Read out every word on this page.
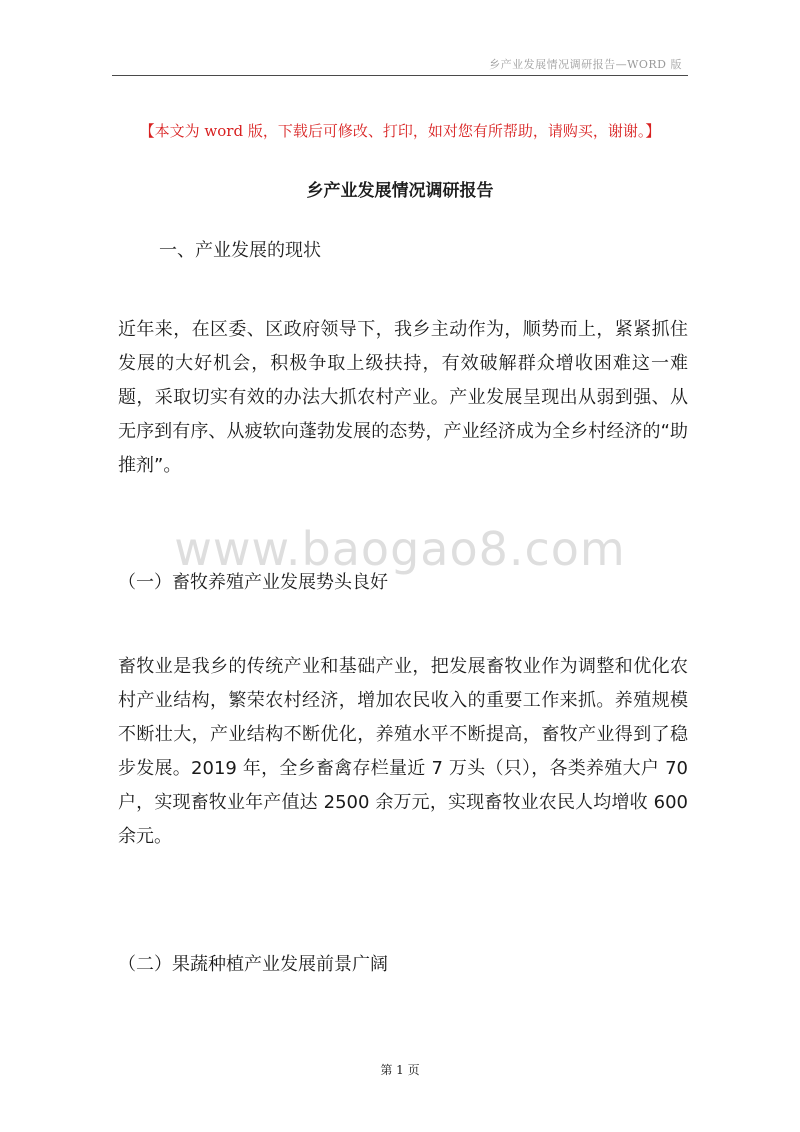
乡产业发展情况调研报告—WORD 版
【本文为 word 版，下载后可修改、打印，如对您有所帮助，请购买，谢谢。】
乡产业发展情况调研报告
一、产业发展的现状
近年来，在区委、区政府领导下，我乡主动作为，顺势而上，紧紧抓住发展的大好机会，积极争取上级扶持，有效破解群众增收困难这一难题，采取切实有效的办法大抓农村产业。产业发展呈现出从弱到强、从无序到有序、从疲软向蓬勃发展的态势，产业经济成为全乡村经济的“助推剂”。
www.baogao8.com
（一）畜牧养殖产业发展势头良好
畜牧业是我乡的传统产业和基础产业，把发展畜牧业作为调整和优化农村产业结构，繁荣农村经济，增加农民收入的重要工作来抓。养殖规模不断壮大，产业结构不断优化，养殖水平不断提高，畜牧产业得到了稳步发展。2019 年，全乡畜禽存栏量近 7 万头（只），各类养殖大户 70 户，实现畜牧业年产值达 2500 余万元，实现畜牧业农民人均增收 600 余元。
（二）果蔬种植产业发展前景广阔
第 1 页
